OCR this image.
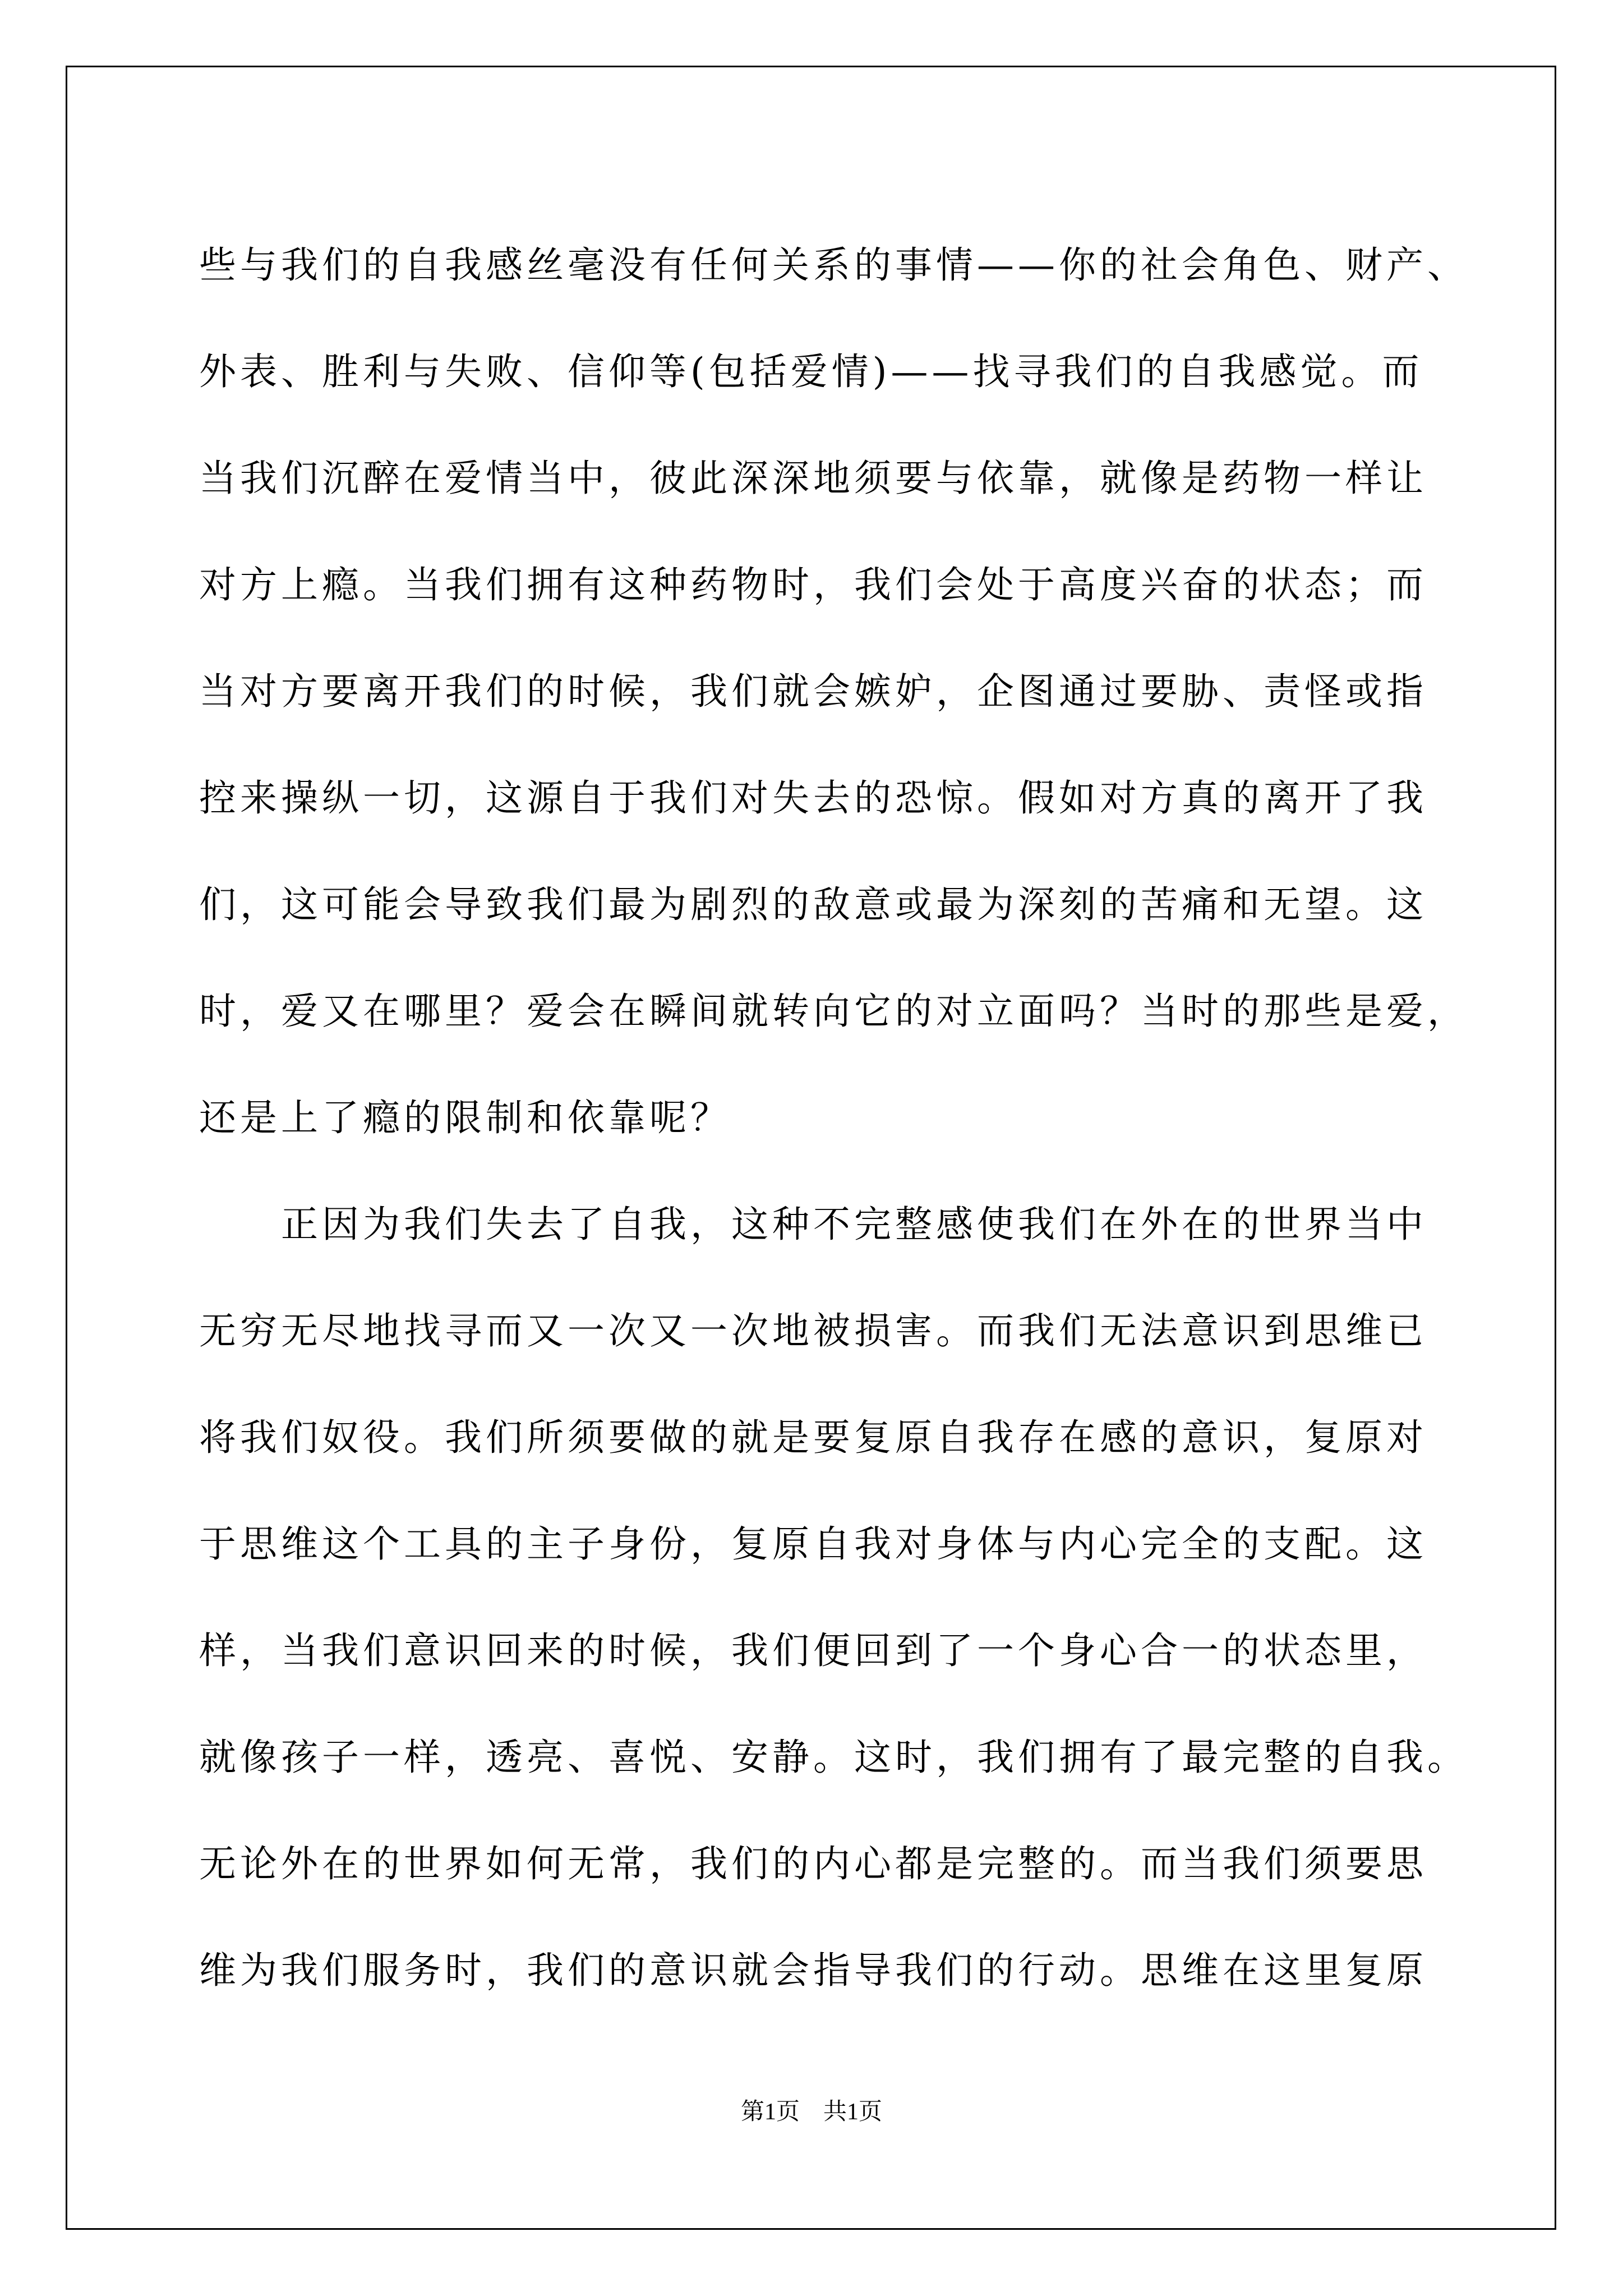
些与我们的自我感丝毫没有任何关系的事情——你的社会角色、财产、
外表、胜利与失败、信仰等(包括爱情)——找寻我们的自我感觉。而
当我们沉醉在爱情当中，彼此深深地须要与依靠，就像是药物一样让
对方上瘾。当我们拥有这种药物时，我们会处于高度兴奋的状态；而
当对方要离开我们的时候，我们就会嫉妒，企图通过要胁、责怪或指
控来操纵一切，这源自于我们对失去的恐惊。假如对方真的离开了我
们，这可能会导致我们最为剧烈的敌意或最为深刻的苦痛和无望。这
时，爱又在哪里？爱会在瞬间就转向它的对立面吗？当时的那些是爱，
还是上了瘾的限制和依靠呢？
正因为我们失去了自我，这种不完整感使我们在外在的世界当中
无穷无尽地找寻而又一次又一次地被损害。而我们无法意识到思维已
将我们奴役。我们所须要做的就是要复原自我存在感的意识，复原对
于思维这个工具的主子身份，复原自我对身体与内心完全的支配。这
样，当我们意识回来的时候，我们便回到了一个身心合一的状态里，
就像孩子一样，透亮、喜悦、安静。这时，我们拥有了最完整的自我。
无论外在的世界如何无常，我们的内心都是完整的。而当我们须要思
维为我们服务时，我们的意识就会指导我们的行动。思维在这里复原
第1页　共1页
